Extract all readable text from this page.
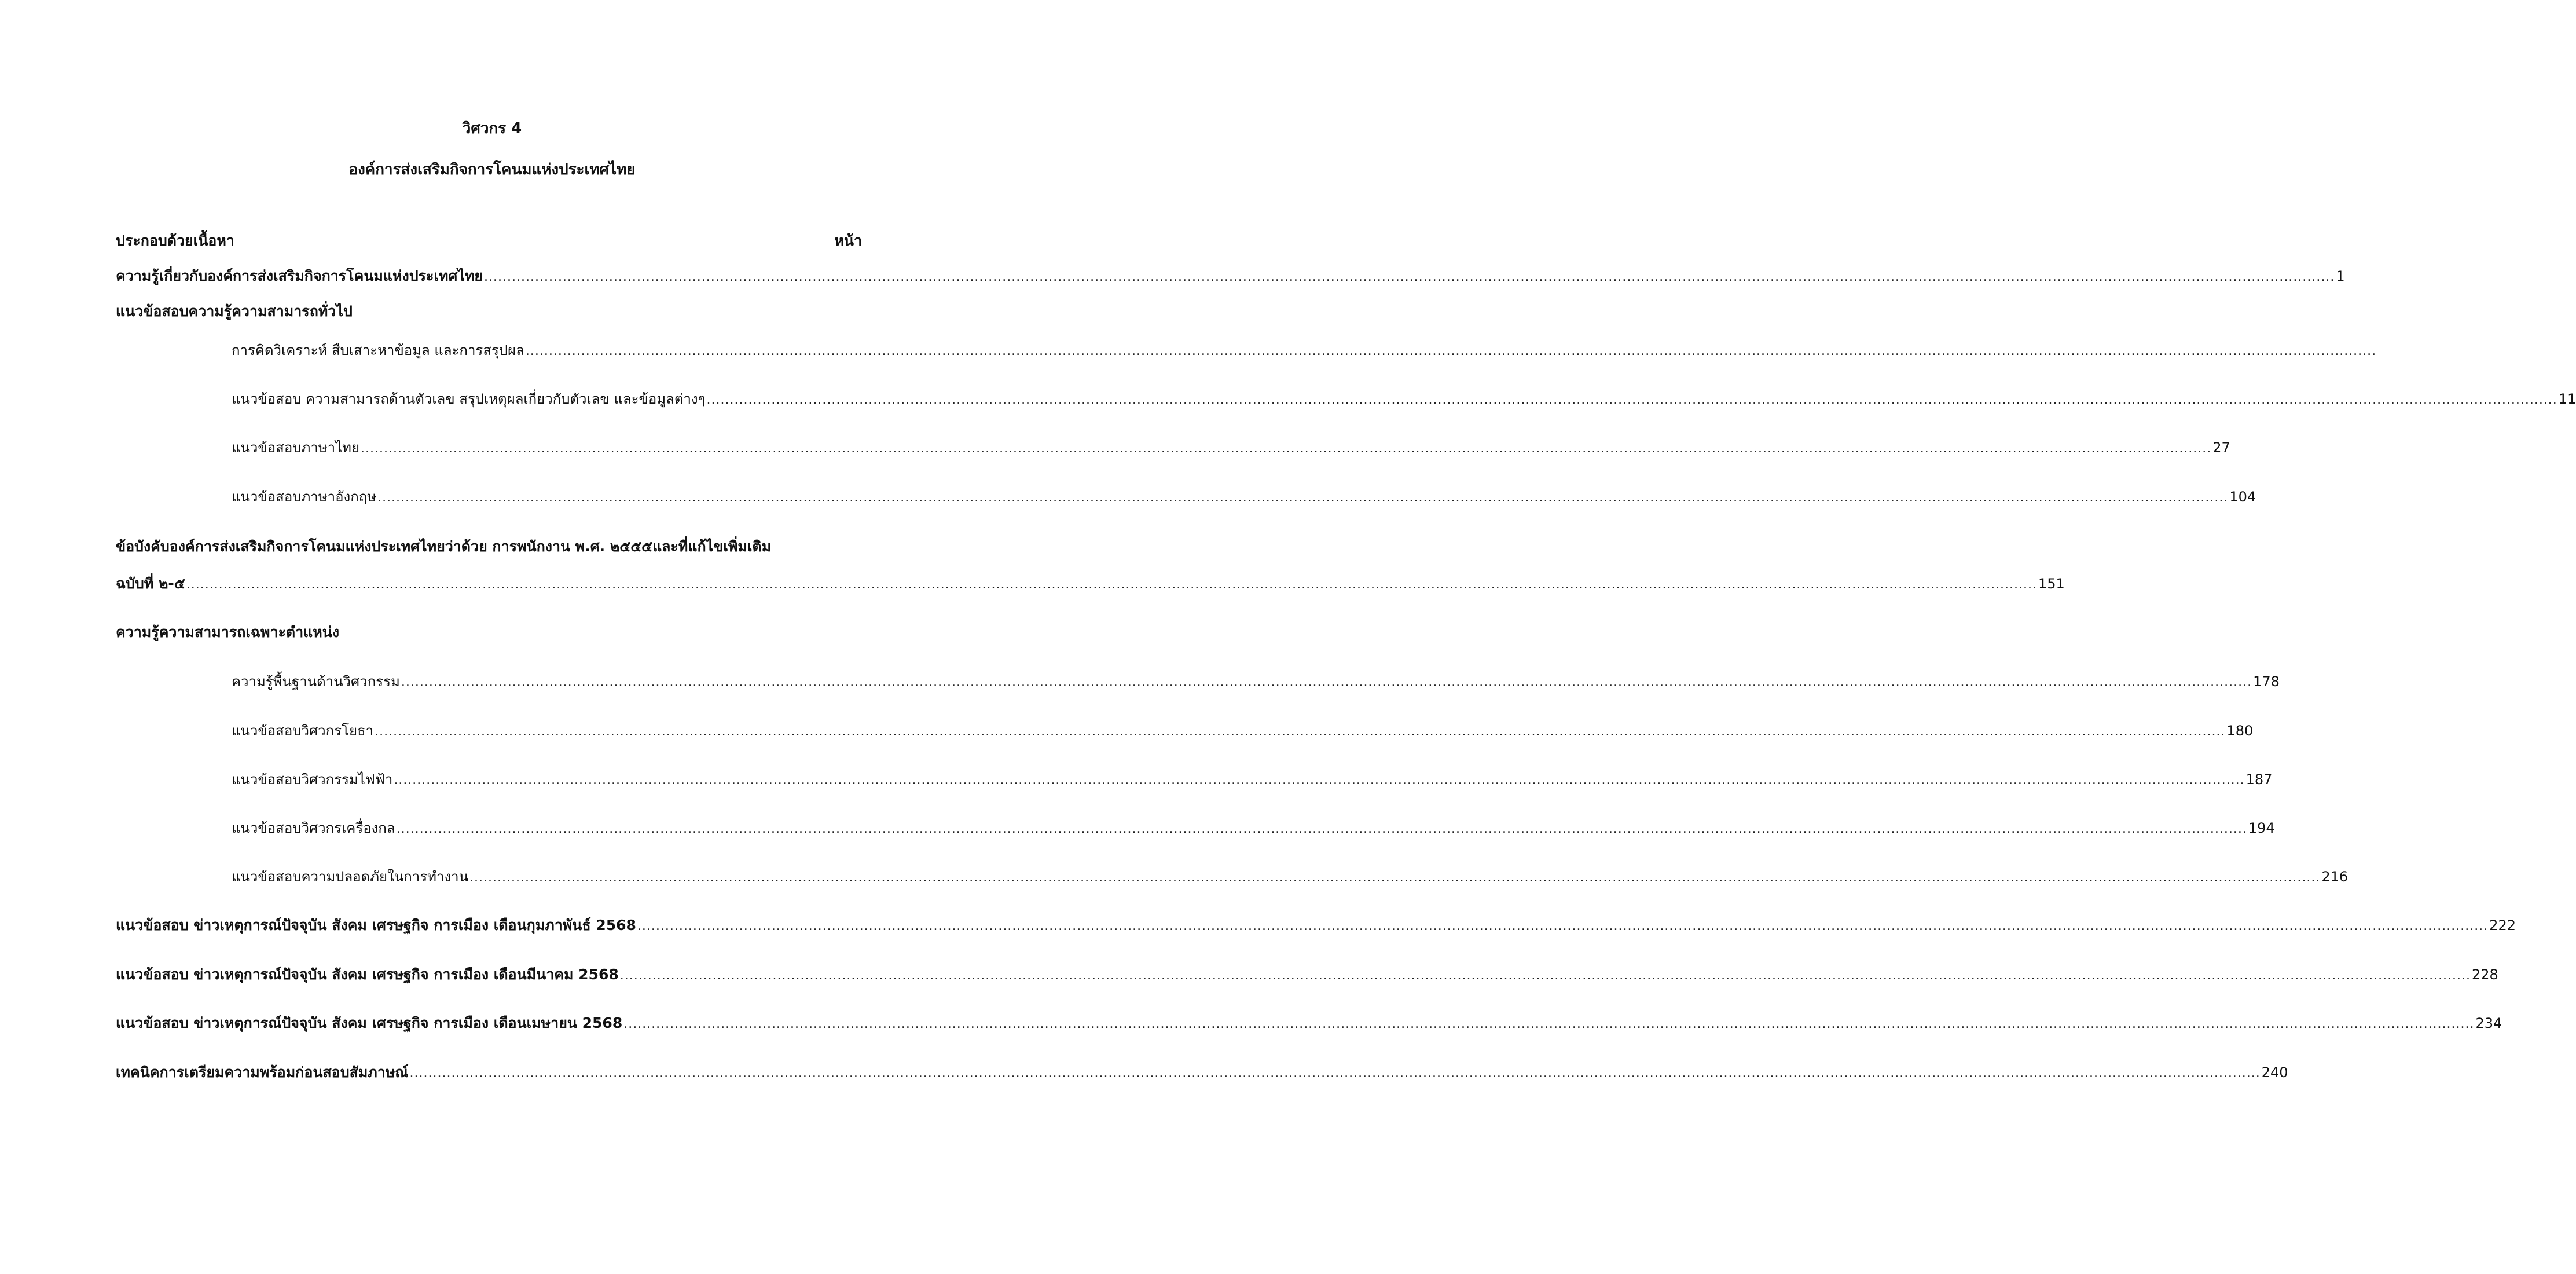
วิศวกร 4
องค์การส่งเสริมกิจการโคนมแห่งประเทศไทย
ประกอบด้วยเนื้อหา	หน้า
ความรู้เกี่ยวกับองค์การส่งเสริมกิจการโคนมแห่งประเทศไทย ................................................................................................................................................................................................................................................................................................................................................................................................................ 1
แนวข้อสอบความรู้ความสามารถทั่วไป
การคิดวิเคราะห์ สืบเสาะหาข้อมูล และการสรุปผล ................................................................................................................................................................................................................................................................................................................................................................................................................
แนวข้อสอบ ความสามารถด้านตัวเลข สรุปเหตุผลเกี่ยวกับตัวเลข และข้อมูลต่างๆ ................................................................................................................................................................................................................................................................................................................................................................................................................ 11
แนวข้อสอบภาษาไทย ................................................................................................................................................................................................................................................................................................................................................................................................................ 27
แนวข้อสอบภาษาอังกฤษ ................................................................................................................................................................................................................................................................................................................................................................................................................ 104
ข้อบังคับองค์การส่งเสริมกิจการโคนมแห่งประเทศไทยว่าด้วย การพนักงาน พ.ศ. ๒๕๕๕และที่แก้ไขเพิ่มเติม
ฉบับที่ ๒-๕ ................................................................................................................................................................................................................................................................................................................................................................................................................ 151
ความรู้ความสามารถเฉพาะตำแหน่ง
ความรู้พื้นฐานด้านวิศวกรรม ................................................................................................................................................................................................................................................................................................................................................................................................................ 178
แนวข้อสอบวิศวกรโยธา ................................................................................................................................................................................................................................................................................................................................................................................................................ 180
แนวข้อสอบวิศวกรรมไฟฟ้า ................................................................................................................................................................................................................................................................................................................................................................................................................ 187
แนวข้อสอบวิศวกรเครื่องกล ................................................................................................................................................................................................................................................................................................................................................................................................................ 194
แนวข้อสอบความปลอดภัยในการทำงาน ................................................................................................................................................................................................................................................................................................................................................................................................................ 216
แนวข้อสอบ ข่าวเหตุการณ์ปัจจุบัน สังคม เศรษฐกิจ การเมือง เดือนกุมภาพันธ์ 2568 ................................................................................................................................................................................................................................................................................................................................................................................................................ 222
แนวข้อสอบ ข่าวเหตุการณ์ปัจจุบัน สังคม เศรษฐกิจ การเมือง เดือนมีนาคม 2568 ................................................................................................................................................................................................................................................................................................................................................................................................................ 228
แนวข้อสอบ ข่าวเหตุการณ์ปัจจุบัน สังคม เศรษฐกิจ การเมือง เดือนเมษายน 2568 ................................................................................................................................................................................................................................................................................................................................................................................................................ 234
เทคนิคการเตรียมความพร้อมก่อนสอบสัมภาษณ์ ................................................................................................................................................................................................................................................................................................................................................................................................................ 240
